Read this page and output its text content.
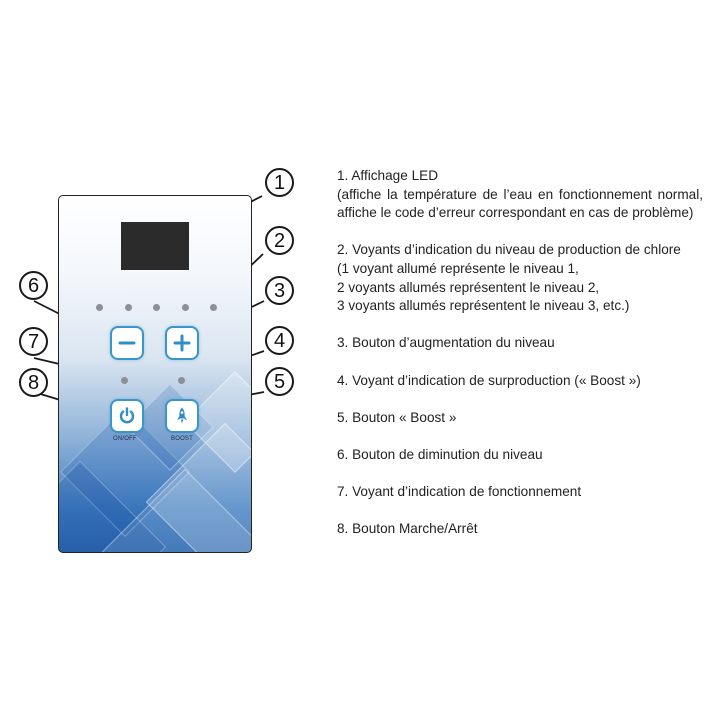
ON/OFF	BOOST
1
2
3
4
5
6
7
8

1. Affichage LED

(affiche la température de l’eau en fonctionnement normal, affiche le code d’erreur correspondant en cas de problème)

2. Voyants d’indication du niveau de production de chlore

(1 voyant allumé représente le niveau 1,

2 voyants allumés représentent le niveau 2,

3 voyants allumés représentent le niveau 3, etc.)

3. Bouton d’augmentation du niveau

4. Voyant d’indication de surproduction (« Boost »)

5. Bouton « Boost »

6. Bouton de diminution du niveau

7. Voyant d’indication de fonctionnement

8. Bouton Marche/Arrêt
